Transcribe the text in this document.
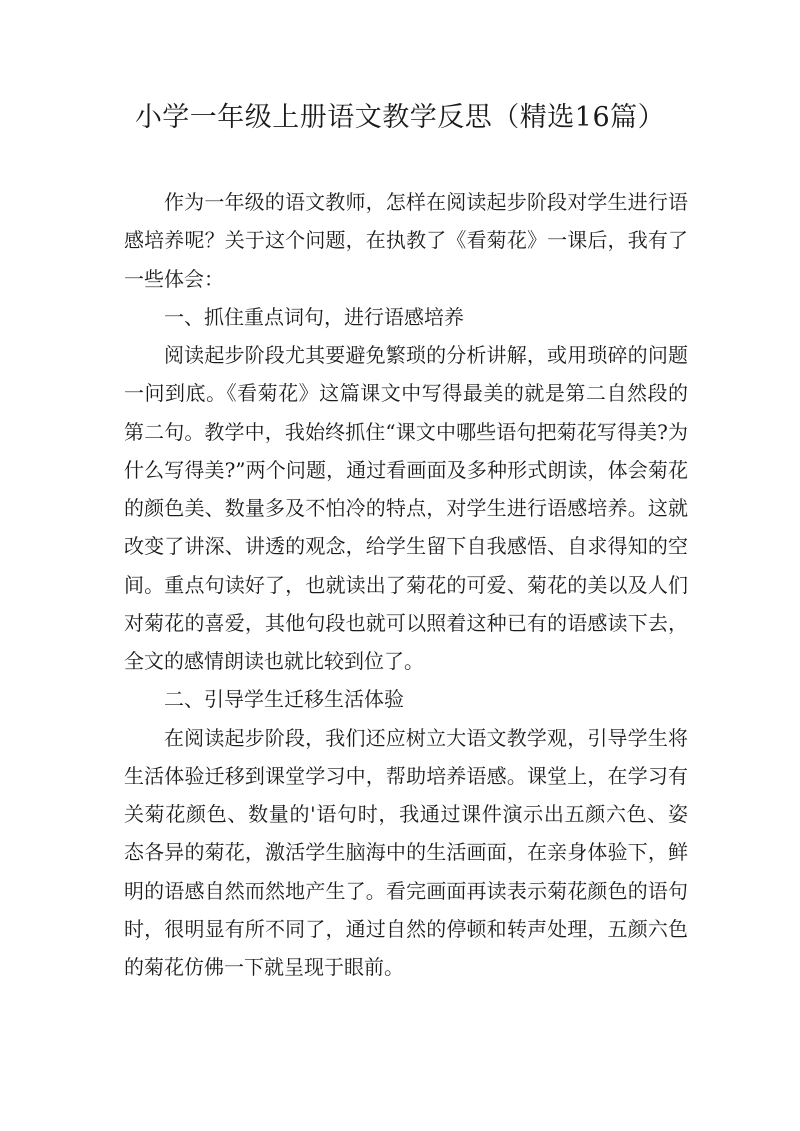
小学一年级上册语文教学反思（精选16篇）

作为一年级的语文教师，怎样在阅读起步阶段对学生进行语感培养呢？关于这个问题，在执教了《看菊花》一课后，我有了一些体会：

一、抓住重点词句，进行语感培养

阅读起步阶段尤其要避免繁琐的分析讲解，或用琐碎的问题一问到底。《看菊花》这篇课文中写得最美的就是第二自然段的第二句。教学中，我始终抓住“课文中哪些语句把菊花写得美?为什么写得美?”两个问题，通过看画面及多种形式朗读，体会菊花的颜色美、数量多及不怕冷的特点，对学生进行语感培养。这就改变了讲深、讲透的观念，给学生留下自我感悟、自求得知的空间。重点句读好了，也就读出了菊花的可爱、菊花的美以及人们对菊花的喜爱，其他句段也就可以照着这种已有的语感读下去，全文的感情朗读也就比较到位了。

二、引导学生迁移生活体验

在阅读起步阶段，我们还应树立大语文教学观，引导学生将生活体验迁移到课堂学习中，帮助培养语感。课堂上，在学习有关菊花颜色、数量的'语句时，我通过课件演示出五颜六色、姿态各异的菊花，激活学生脑海中的生活画面，在亲身体验下，鲜明的语感自然而然地产生了。看完画面再读表示菊花颜色的语句时，很明显有所不同了，通过自然的停顿和转声处理，五颜六色的菊花仿佛一下就呈现于眼前。
